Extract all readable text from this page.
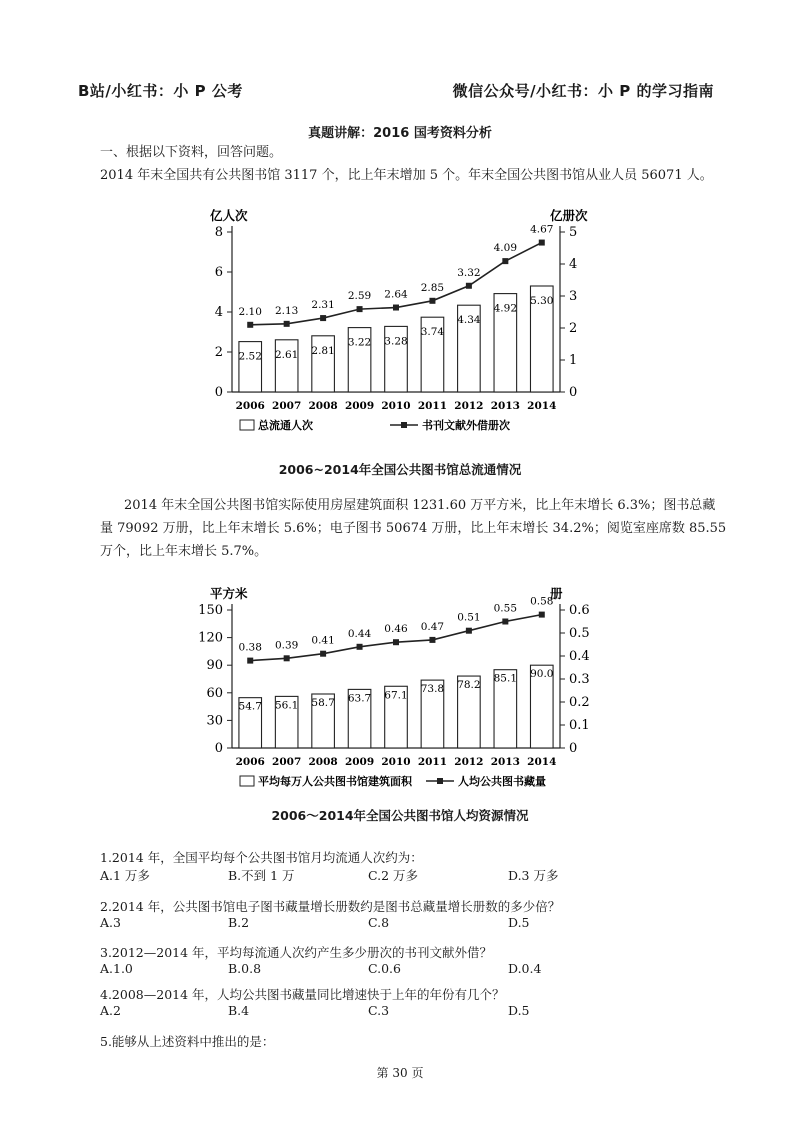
B站/小红书：小 P 公考	微信公众号/小红书：小 P 的学习指南
真题讲解：2016 国考资料分析
一、根据以下资料，回答问题。
2014 年末全国共有公共图书馆 3117 个，比上年末增加 5 个。年末全国公共图书馆从业人员 56071 人。
0
2
4
6
8
0
1
2
3
4
5
亿人次	亿册次
2.52 2.61 2.81
3.22 3.28
3.74
4.34
4.92
5.30
2006 2007 2008 2009 2010 2011 2012 2013 2014
2.10 2.13 2.31
2.59 2.64
2.85
3.32
4.09
4.67
总流通人次	书刊文献外借册次
2006~2014年全国公共图书馆总流通情况
2014 年末全国公共图书馆实际使用房屋建筑面积 1231.60 万平方米，比上年末增长 6.3%；图书总藏
量 79092 万册，比上年末增长 5.6%；电子图书 50674 万册，比上年末增长 34.2%；阅览室座席数 85.55
万个，比上年末增长 5.7%。
0
30
60
90
120
150
0
0.1
0.2
0.3
0.4
0.5
0.6
平方米	册
54.7 56.1 58.7 63.7 67.1
73.8 78.2
85.1 90.0
2006 2007 2008 2009 2010 2011 2012 2013 2014
0.38 0.39 0.41
0.44 0.46 0.47
0.51
0.55
0.58
平均每万人公共图书馆建筑面积	人均公共图书藏量
2006～2014年全国公共图书馆人均资源情况
1.2014 年，全国平均每个公共图书馆月均流通人次约为：
A.1 万多	B.不到 1 万	C.2 万多	D.3 万多
2.2014 年，公共图书馆电子图书藏量增长册数约是图书总藏量增长册数的多少倍？
A.3	B.2	C.8	D.5
3.2012—2014 年，平均每流通人次约产生多少册次的书刊文献外借？
A.1.0	B.0.8	C.0.6	D.0.4
4.2008—2014 年，人均公共图书藏量同比增速快于上年的年份有几个？
A.2	B.4	C.3	D.5
5.能够从上述资料中推出的是：
第 30 页
